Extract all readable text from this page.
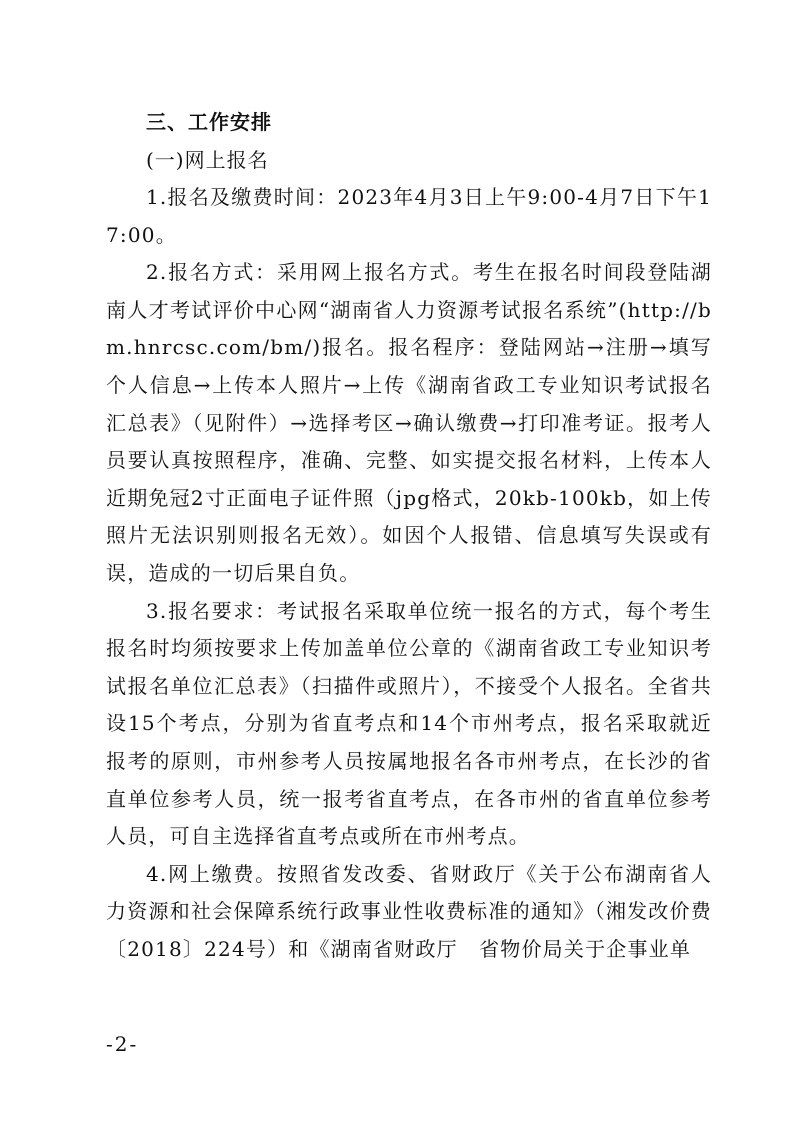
三、工作安排

(一)网上报名

1.报名及缴费时间：2023年4月3日上午9:00-4月7日下午17:00。

2.报名方式：采用网上报名方式。考生在报名时间段登陆湖南人才考试评价中心网“湖南省人力资源考试报名系统”(http://bm.hnrcsc.com/bm/)报名。报名程序：登陆网站→注册→填写个人信息→上传本人照片→上传《湖南省政工专业知识考试报名汇总表》（见附件）→选择考区→确认缴费→打印准考证。报考人员要认真按照程序，准确、完整、如实提交报名材料，上传本人近期免冠2寸正面电子证件照（jpg格式，20kb-100kb，如上传照片无法识别则报名无效）。如因个人报错、信息填写失误或有误，造成的一切后果自负。

3.报名要求：考试报名采取单位统一报名的方式，每个考生报名时均须按要求上传加盖单位公章的《湖南省政工专业知识考试报名单位汇总表》（扫描件或照片），不接受个人报名。全省共设15个考点，分别为省直考点和14个市州考点，报名采取就近报考的原则，市州参考人员按属地报名各市州考点，在长沙的省直单位参考人员，统一报考省直考点，在各市州的省直单位参考人员，可自主选择省直考点或所在市州考点。

4.网上缴费。按照省发改委、省财政厅《关于公布湖南省人力资源和社会保障系统行政事业性收费标准的通知》（湘发改价费〔2018〕224号）和《湖南省财政厅　省物价局关于企事业单

-2-
